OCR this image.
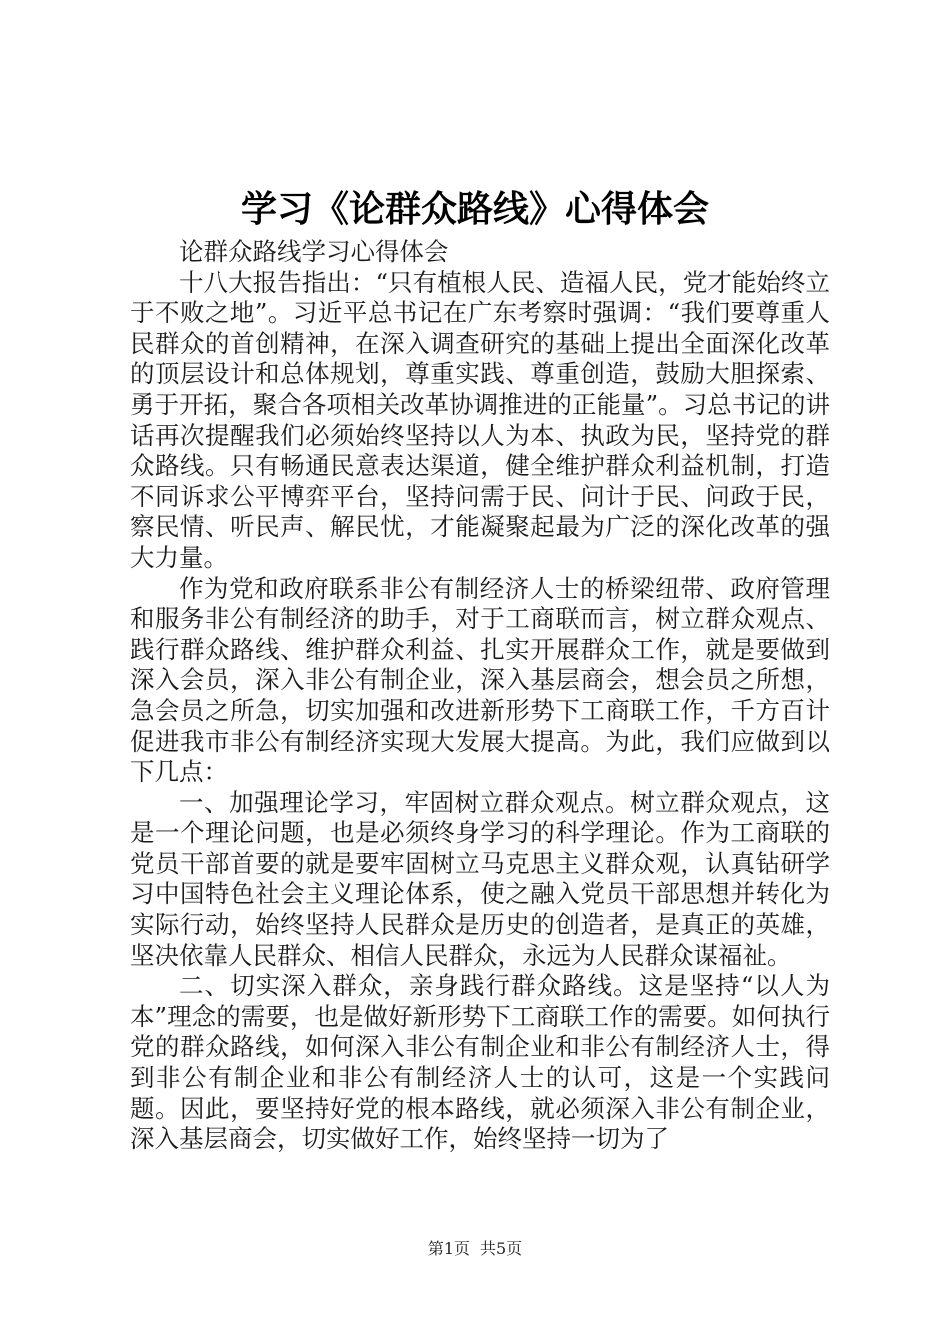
学习《论群众路线》心得体会

论群众路线学习心得体会

十八大报告指出：“只有植根人民、造福人民，党才能始终立于不败之地”。习近平总书记在广东考察时强调：“我们要尊重人民群众的首创精神，在深入调查研究的基础上提出全面深化改革的顶层设计和总体规划，尊重实践、尊重创造，鼓励大胆探索、勇于开拓，聚合各项相关改革协调推进的正能量”。习总书记的讲话再次提醒我们必须始终坚持以人为本、执政为民，坚持党的群众路线。只有畅通民意表达渠道，健全维护群众利益机制，打造不同诉求公平博弈平台，坚持问需于民、问计于民、问政于民，察民情、听民声、解民忧，才能凝聚起最为广泛的深化改革的强大力量。

作为党和政府联系非公有制经济人士的桥梁纽带、政府管理和服务非公有制经济的助手，对于工商联而言，树立群众观点、践行群众路线、维护群众利益、扎实开展群众工作，就是要做到深入会员，深入非公有制企业，深入基层商会，想会员之所想，急会员之所急，切实加强和改进新形势下工商联工作，千方百计促进我市非公有制经济实现大发展大提高。为此，我们应做到以下几点：

一、加强理论学习，牢固树立群众观点。树立群众观点，这是一个理论问题，也是必须终身学习的科学理论。作为工商联的党员干部首要的就是要牢固树立马克思主义群众观，认真钻研学习中国特色社会主义理论体系，使之融入党员干部思想并转化为实际行动，始终坚持人民群众是历史的创造者，是真正的英雄，坚决依靠人民群众、相信人民群众，永远为人民群众谋福祉。

二、切实深入群众，亲身践行群众路线。这是坚持“以人为本”理念的需要，也是做好新形势下工商联工作的需要。如何执行党的群众路线，如何深入非公有制企业和非公有制经济人士，得到非公有制企业和非公有制经济人士的认可，这是一个实践问题。因此，要坚持好党的根本路线，就必须深入非公有制企业，深入基层商会，切实做好工作，始终坚持一切为了

第1页 共5页
